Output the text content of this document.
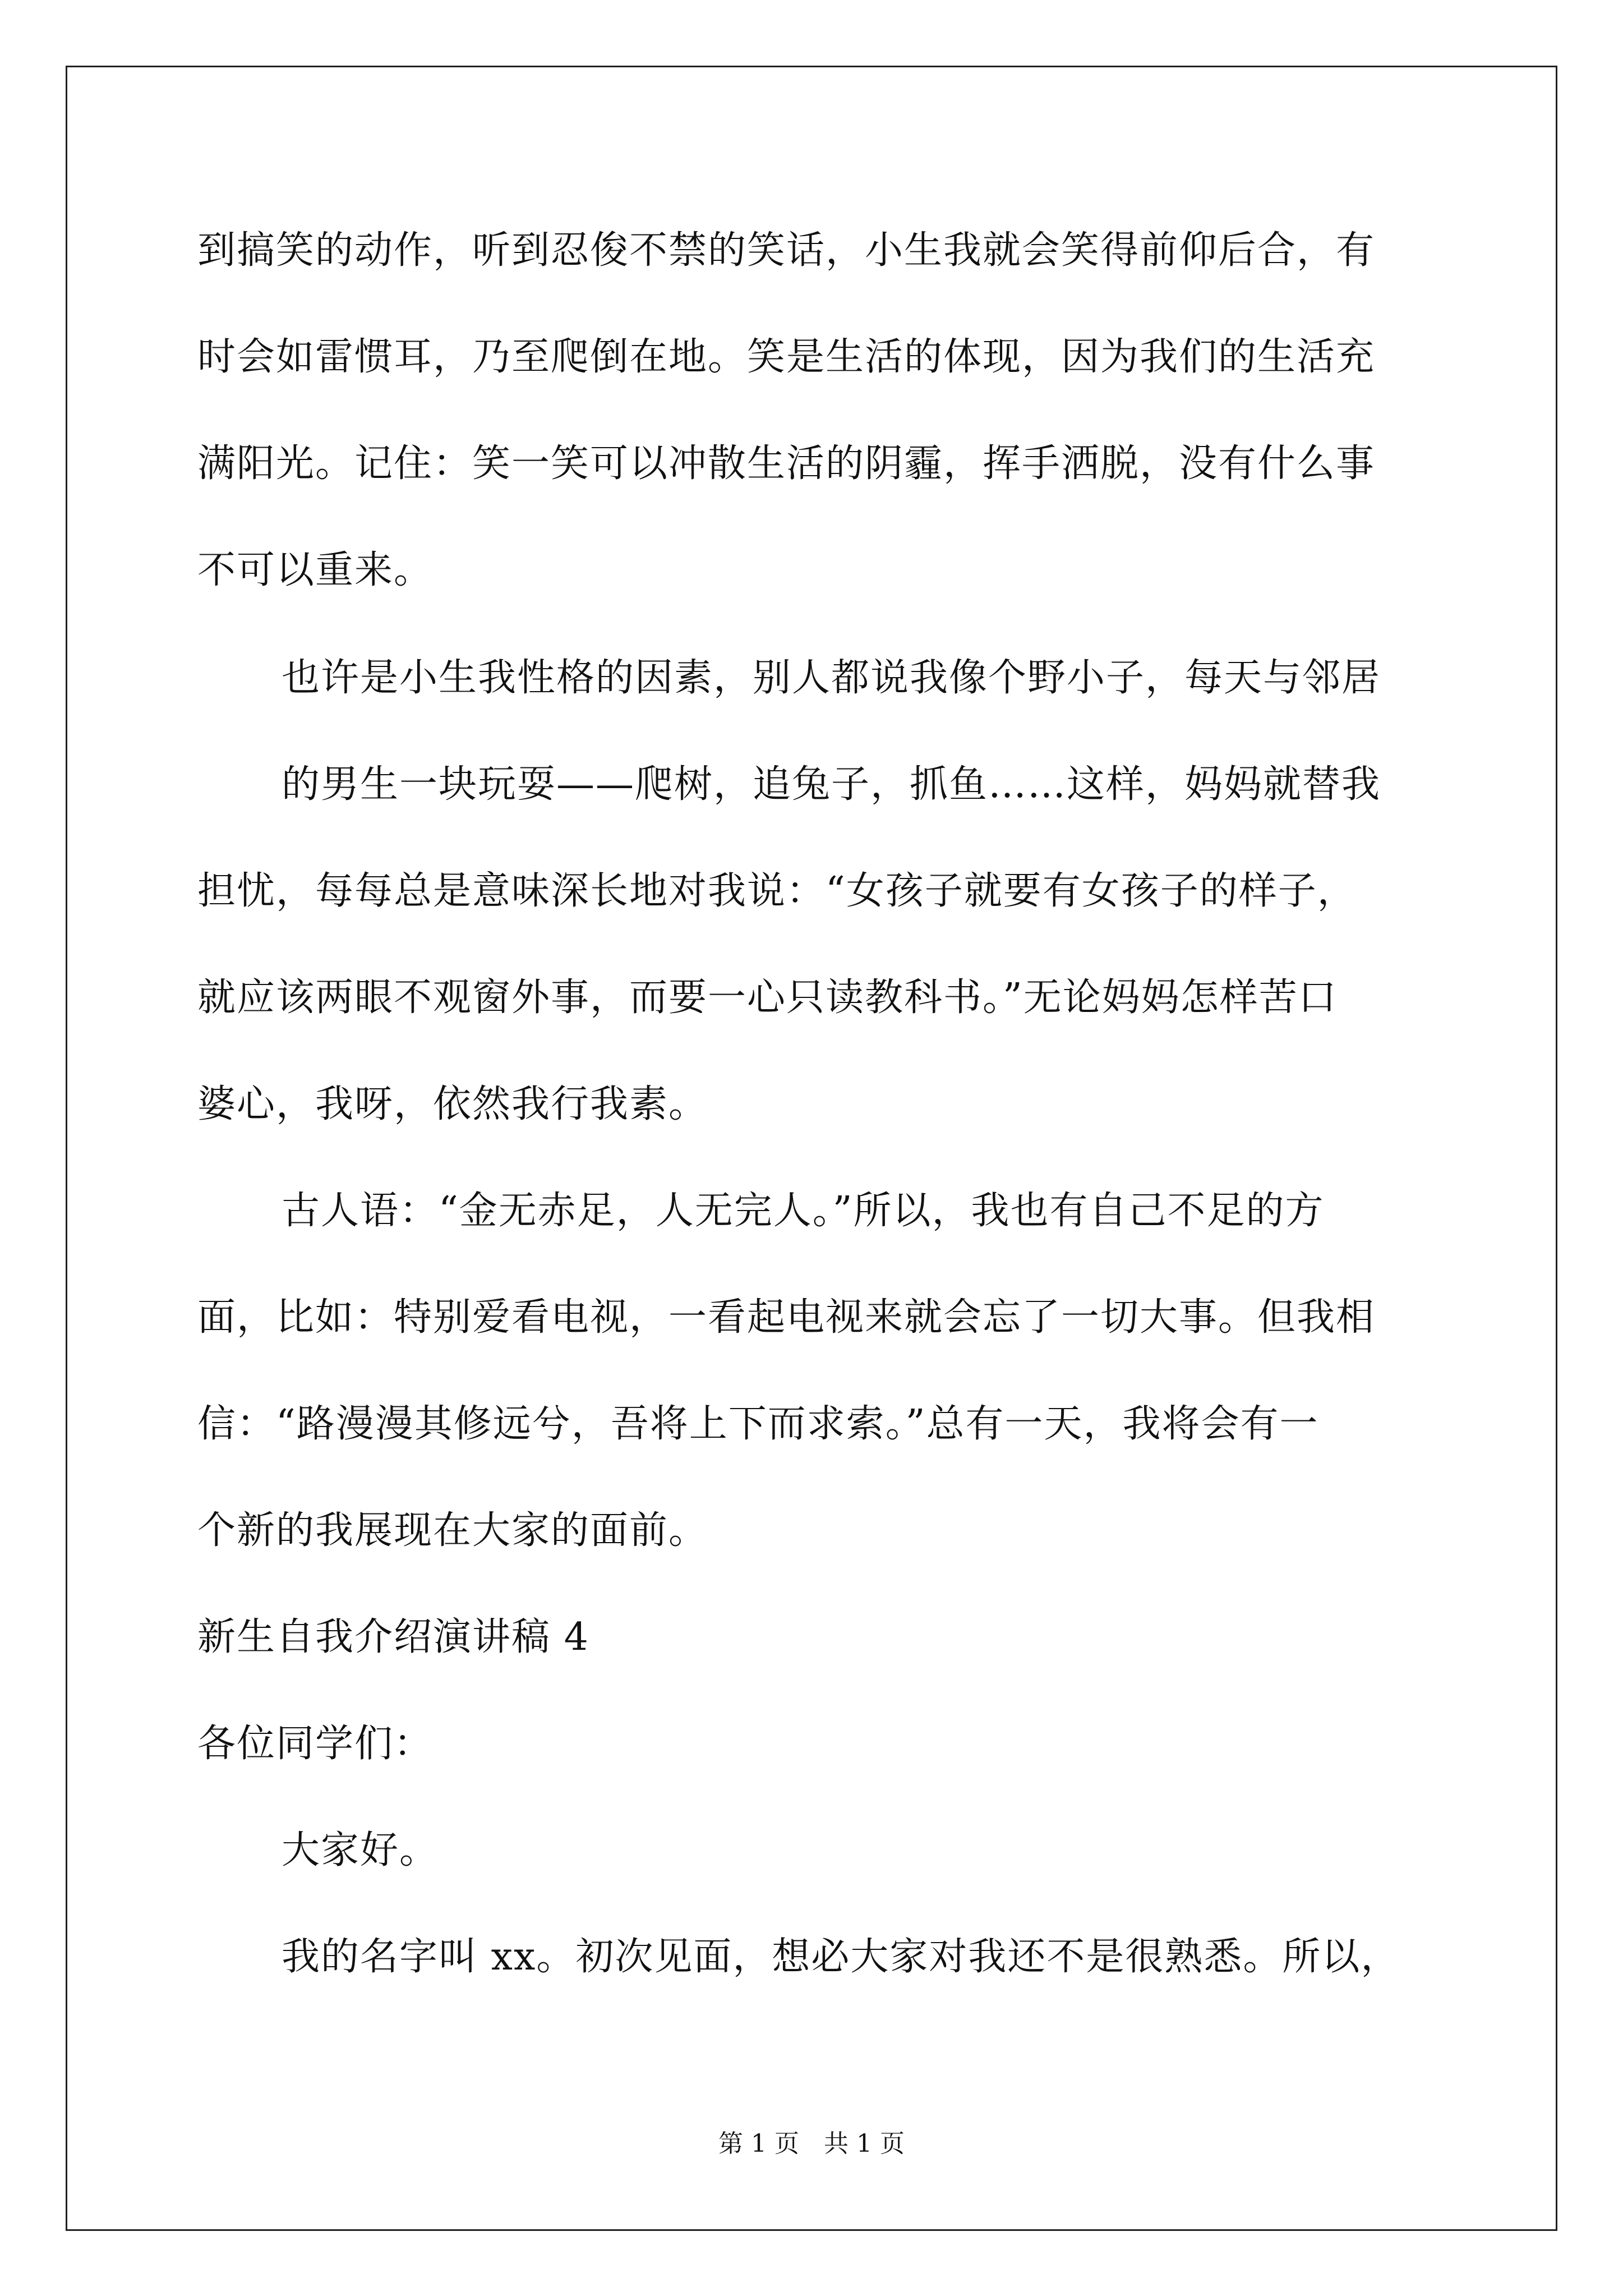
到搞笑的动作，听到忍俊不禁的笑话，小生我就会笑得前仰后合，有
时会如雷惯耳，乃至爬倒在地。笑是生活的体现，因为我们的生活充
满阳光。记住：笑一笑可以冲散生活的阴霾，挥手洒脱，没有什么事
不可以重来。
也许是小生我性格的因素，别人都说我像个野小子，每天与邻居
的男生一块玩耍——爬树，追兔子，抓鱼……这样，妈妈就替我
担忧，每每总是意味深长地对我说：“女孩子就要有女孩子的样子，
就应该两眼不观窗外事，而要一心只读教科书。”无论妈妈怎样苦口
婆心，我呀，依然我行我素。
古人语：“金无赤足，人无完人。”所以，我也有自己不足的方
面，比如：特别爱看电视，一看起电视来就会忘了一切大事。但我相
信：“路漫漫其修远兮，吾将上下而求索。”总有一天，我将会有一
个新的我展现在大家的面前。
新生自我介绍演讲稿 4
各位同学们：
大家好。
我的名字叫 xx。初次见面，想必大家对我还不是很熟悉。所以，
第 1 页　共 1 页
